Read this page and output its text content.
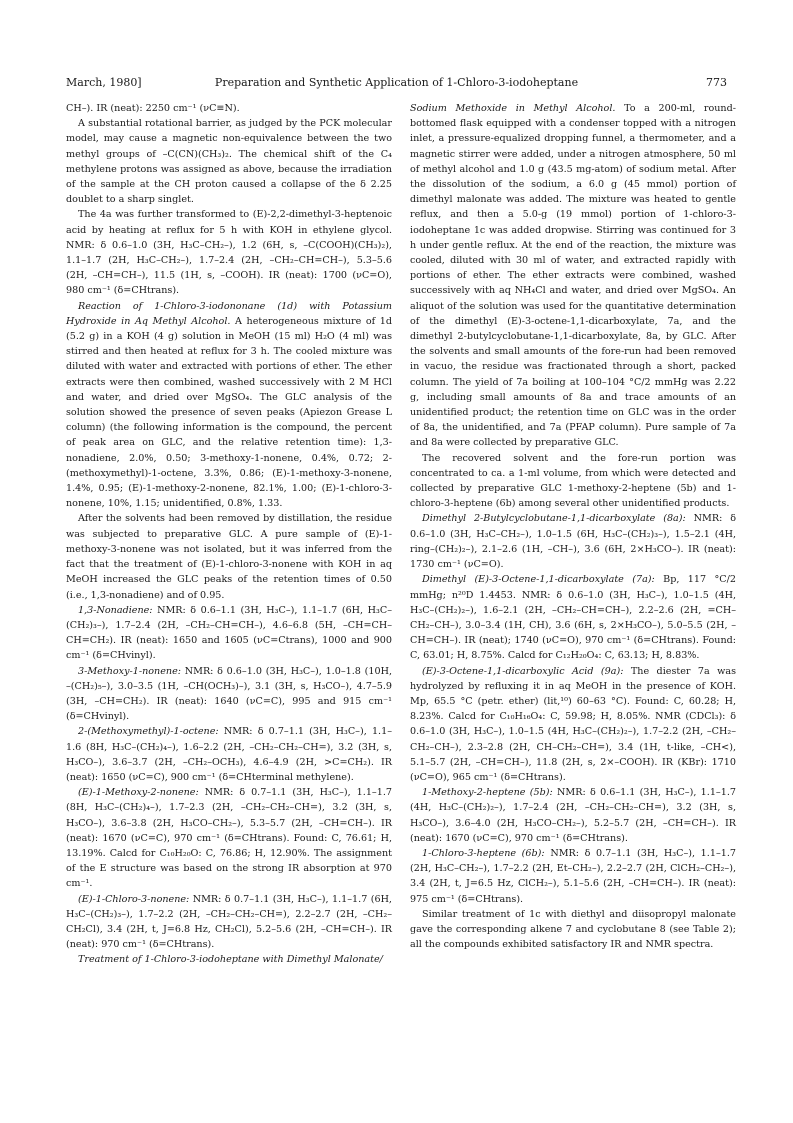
March, 1980]	Preparation and Synthetic Application of 1-Chloro-3-iodoheptane	773

CH–). IR (neat): 2250 cm⁻¹ (νC≡N).

A substantial rotational barrier, as judged by the PCK molecular model, may cause a magnetic non-equivalence between the two methyl groups of –C(CN)(CH₃)₂. The chemical shift of the C₄ methylene protons was assigned as above, because the irradiation of the sample at the CH proton caused a collapse of the δ 2.25 doublet to a sharp singlet.

The 4a was further transformed to (E)-2,2-dimethyl-3-heptenoic acid by heating at reflux for 5 h with KOH in ethylene glycol. NMR: δ 0.6–1.0 (3H, H₃C–CH₂–), 1.2 (6H, s, –C(COOH)(CH₃)₂), 1.1–1.7 (2H, H₃C–CH₂–), 1.7–2.4 (2H, –CH₂–CH=CH–), 5.3–5.6 (2H, –CH=CH–), 11.5 (1H, s, –COOH). IR (neat): 1700 (νC=O), 980 cm⁻¹ (δ=CHtrans).

Reaction of 1-Chloro-3-iodononane (1d) with Potassium Hydroxide in Aq Methyl Alcohol. A heterogeneous mixture of 1d (5.2 g) in a KOH (4 g) solution in MeOH (15 ml) H₂O (4 ml) was stirred and then heated at reflux for 3 h. The cooled mixture was diluted with water and extracted with portions of ether. The ether extracts were then combined, washed successively with 2 M HCl and water, and dried over MgSO₄. The GLC analysis of the solution showed the presence of seven peaks (Apiezon Grease L column) (the following information is the compound, the percent of peak area on GLC, and the relative retention time): 1,3-nonadiene, 2.0%, 0.50; 3-methoxy-1-nonene, 0.4%, 0.72; 2-(methoxymethyl)-1-octene, 3.3%, 0.86; (E)-1-methoxy-3-nonene, 1.4%, 0.95; (E)-1-methoxy-2-nonene, 82.1%, 1.00; (E)-1-chloro-3-nonene, 10%, 1.15; unidentified, 0.8%, 1.33.

After the solvents had been removed by distillation, the residue was subjected to preparative GLC. A pure sample of (E)-1-methoxy-3-nonene was not isolated, but it was inferred from the fact that the treatment of (E)-1-chloro-3-nonene with KOH in aq MeOH increased the GLC peaks of the retention times of 0.50 (i.e., 1,3-nonadiene) and of 0.95.

1,3-Nonadiene: NMR: δ 0.6–1.1 (3H, H₃C–), 1.1–1.7 (6H, H₃C–(CH₂)₃–), 1.7–2.4 (2H, –CH₂–CH=CH–), 4.6–6.8 (5H, –CH=CH–CH=CH₂). IR (neat): 1650 and 1605 (νC=Ctrans), 1000 and 900 cm⁻¹ (δ=CHvinyl).

3-Methoxy-1-nonene: NMR: δ 0.6–1.0 (3H, H₃C–), 1.0–1.8 (10H, –(CH₂)₅–), 3.0–3.5 (1H, –CH(OCH₃)–), 3.1 (3H, s, H₃CO–), 4.7–5.9 (3H, –CH=CH₂). IR (neat): 1640 (νC=C), 995 and 915 cm⁻¹ (δ=CHvinyl).

2-(Methoxymethyl)-1-octene: NMR: δ 0.7–1.1 (3H, H₃C–), 1.1–1.6 (8H, H₃C–(CH₂)₄–), 1.6–2.2 (2H, –CH₂–CH₂–CH=), 3.2 (3H, s, H₃CO–), 3.6–3.7 (2H, –CH₂–OCH₃), 4.6–4.9 (2H, >C=CH₂). IR (neat): 1650 (νC=C), 900 cm⁻¹ (δ=CHterminal methylene).

(E)-1-Methoxy-2-nonene: NMR: δ 0.7–1.1 (3H, H₃C–), 1.1–1.7 (8H, H₃C–(CH₂)₄–), 1.7–2.3 (2H, –CH₂–CH₂–CH=), 3.2 (3H, s, H₃CO–), 3.6–3.8 (2H, H₃CO–CH₂–), 5.3–5.7 (2H, –CH=CH–). IR (neat): 1670 (νC=C), 970 cm⁻¹ (δ=CHtrans). Found: C, 76.61; H, 13.19%. Calcd for C₁₀H₂₀O: C, 76.86; H, 12.90%. The assignment of the E structure was based on the strong IR absorption at 970 cm⁻¹.

(E)-1-Chloro-3-nonene: NMR: δ 0.7–1.1 (3H, H₃C–), 1.1–1.7 (6H, H₃C–(CH₂)₃–), 1.7–2.2 (2H, –CH₂–CH₂–CH=), 2.2–2.7 (2H, –CH₂–CH₂Cl), 3.4 (2H, t, J=6.8 Hz, CH₂Cl), 5.2–5.6 (2H, –CH=CH–). IR (neat): 970 cm⁻¹ (δ=CHtrans).

Treatment of 1-Chloro-3-iodoheptane with Dimethyl Malonate/

Sodium Methoxide in Methyl Alcohol. To a 200-ml, round-bottomed flask equipped with a condenser topped with a nitrogen inlet, a pressure-equalized dropping funnel, a thermometer, and a magnetic stirrer were added, under a nitrogen atmosphere, 50 ml of methyl alcohol and 1.0 g (43.5 mg-atom) of sodium metal. After the dissolution of the sodium, a 6.0 g (45 mmol) portion of dimethyl malonate was added. The mixture was heated to gentle reflux, and then a 5.0-g (19 mmol) portion of 1-chloro-3-iodoheptane 1c was added dropwise. Stirring was continued for 3 h under gentle reflux. At the end of the reaction, the mixture was cooled, diluted with 30 ml of water, and extracted rapidly with portions of ether. The ether extracts were combined, washed successively with aq NH₄Cl and water, and dried over MgSO₄. An aliquot of the solution was used for the quantitative determination of the dimethyl (E)-3-octene-1,1-dicarboxylate, 7a, and the dimethyl 2-butylcyclobutane-1,1-dicarboxylate, 8a, by GLC. After the solvents and small amounts of the fore-run had been removed in vacuo, the residue was fractionated through a short, packed column. The yield of 7a boiling at 100–104 °C/2 mmHg was 2.22 g, including small amounts of 8a and trace amounts of an unidentified product; the retention time on GLC was in the order of 8a, the unidentified, and 7a (PFAP column). Pure sample of 7a and 8a were collected by preparative GLC.

The recovered solvent and the fore-run portion was concentrated to ca. a 1-ml volume, from which were detected and collected by preparative GLC 1-methoxy-2-heptene (5b) and 1-chloro-3-heptene (6b) among several other unidentified products.

Dimethyl 2-Butylcyclobutane-1,1-dicarboxylate (8a): NMR: δ 0.6–1.0 (3H, H₃C–CH₂–), 1.0–1.5 (6H, H₃C–(CH₂)₃–), 1.5–2.1 (4H, ring–(CH₂)₂–), 2.1–2.6 (1H, –CH–), 3.6 (6H, 2×H₃CO–). IR (neat): 1730 cm⁻¹ (νC=O).

Dimethyl (E)-3-Octene-1,1-dicarboxylate (7a): Bp, 117 °C/2 mmHg; n²⁰D 1.4453. NMR: δ 0.6–1.0 (3H, H₃C–), 1.0–1.5 (4H, H₃C–(CH₂)₂–), 1.6–2.1 (2H, –CH₂–CH=CH–), 2.2–2.6 (2H, =CH–CH₂–CH–), 3.0–3.4 (1H, CH), 3.6 (6H, s, 2×H₃CO–), 5.0–5.5 (2H, –CH=CH–). IR (neat); 1740 (νC=O), 970 cm⁻¹ (δ=CHtrans). Found: C, 63.01; H, 8.75%. Calcd for C₁₂H₂₀O₄: C, 63.13; H, 8.83%.

(E)-3-Octene-1,1-dicarboxylic Acid (9a): The diester 7a was hydrolyzed by refluxing it in aq MeOH in the presence of KOH. Mp, 65.5 °C (petr. ether) (lit,¹⁰) 60–63 °C). Found: C, 60.28; H, 8.23%. Calcd for C₁₀H₁₆O₄: C, 59.98; H, 8.05%. NMR (CDCl₃): δ 0.6–1.0 (3H, H₃C–), 1.0–1.5 (4H, H₃C–(CH₂)₂–), 1.7–2.2 (2H, –CH₂–CH₂–CH–), 2.3–2.8 (2H, CH–CH₂–CH=), 3.4 (1H, t-like, –CH<), 5.1–5.7 (2H, –CH=CH–), 11.8 (2H, s, 2×–COOH). IR (KBr): 1710 (νC=O), 965 cm⁻¹ (δ=CHtrans).

1-Methoxy-2-heptene (5b): NMR: δ 0.6–1.1 (3H, H₃C–), 1.1–1.7 (4H, H₃C–(CH₂)₂–), 1.7–2.4 (2H, –CH₂–CH₂–CH=), 3.2 (3H, s, H₃CO–), 3.6–4.0 (2H, H₃CO–CH₂–), 5.2–5.7 (2H, –CH=CH–). IR (neat): 1670 (νC=C), 970 cm⁻¹ (δ=CHtrans).

1-Chloro-3-heptene (6b): NMR: δ 0.7–1.1 (3H, H₃C–), 1.1–1.7 (2H, H₃C–CH₂–), 1.7–2.2 (2H, Et–CH₂–), 2.2–2.7 (2H, ClCH₂–CH₂–), 3.4 (2H, t, J=6.5 Hz, ClCH₂–), 5.1–5.6 (2H, –CH=CH–). IR (neat): 975 cm⁻¹ (δ=CHtrans).

Similar treatment of 1c with diethyl and diisopropyl malonate gave the corresponding alkene 7 and cyclobutane 8 (see Table 2); all the compounds exhibited satisfactory IR and NMR spectra.
